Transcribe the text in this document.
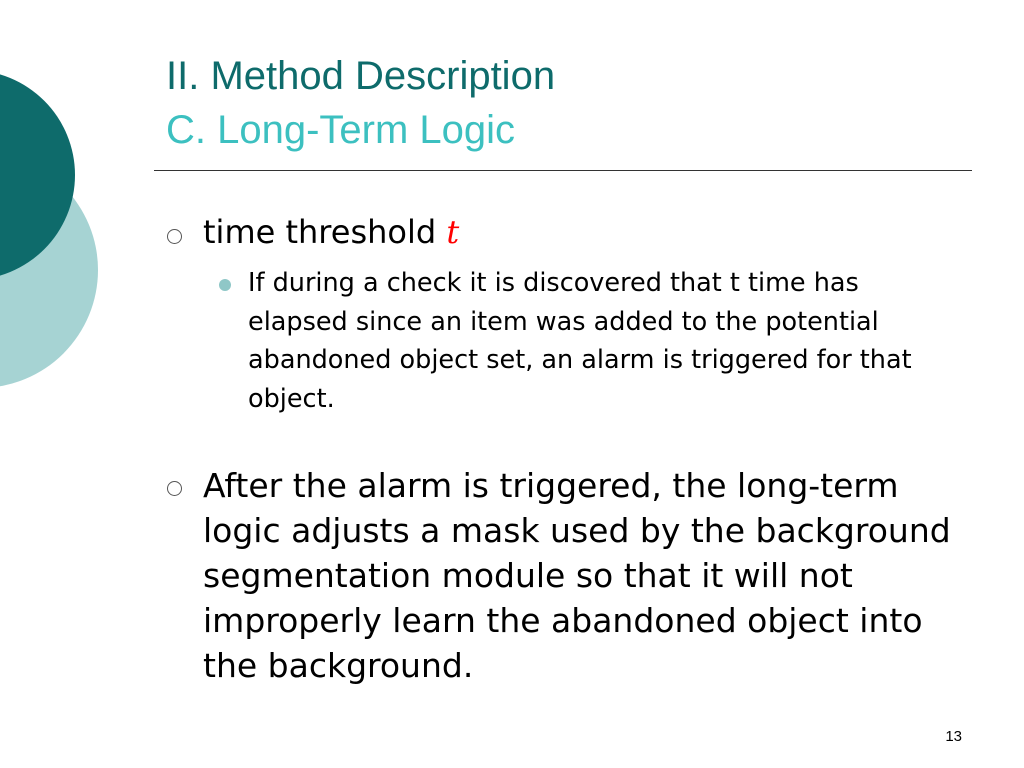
II. Method Description
C. Long-Term Logic
time threshold t
If during a check it is discovered that t time has elapsed since an item was added to the potential abandoned object set, an alarm is triggered for that object.
After the alarm is triggered, the long-term logic adjusts a mask used by the background segmentation module so that it will not improperly learn the abandoned object into the background.
13
